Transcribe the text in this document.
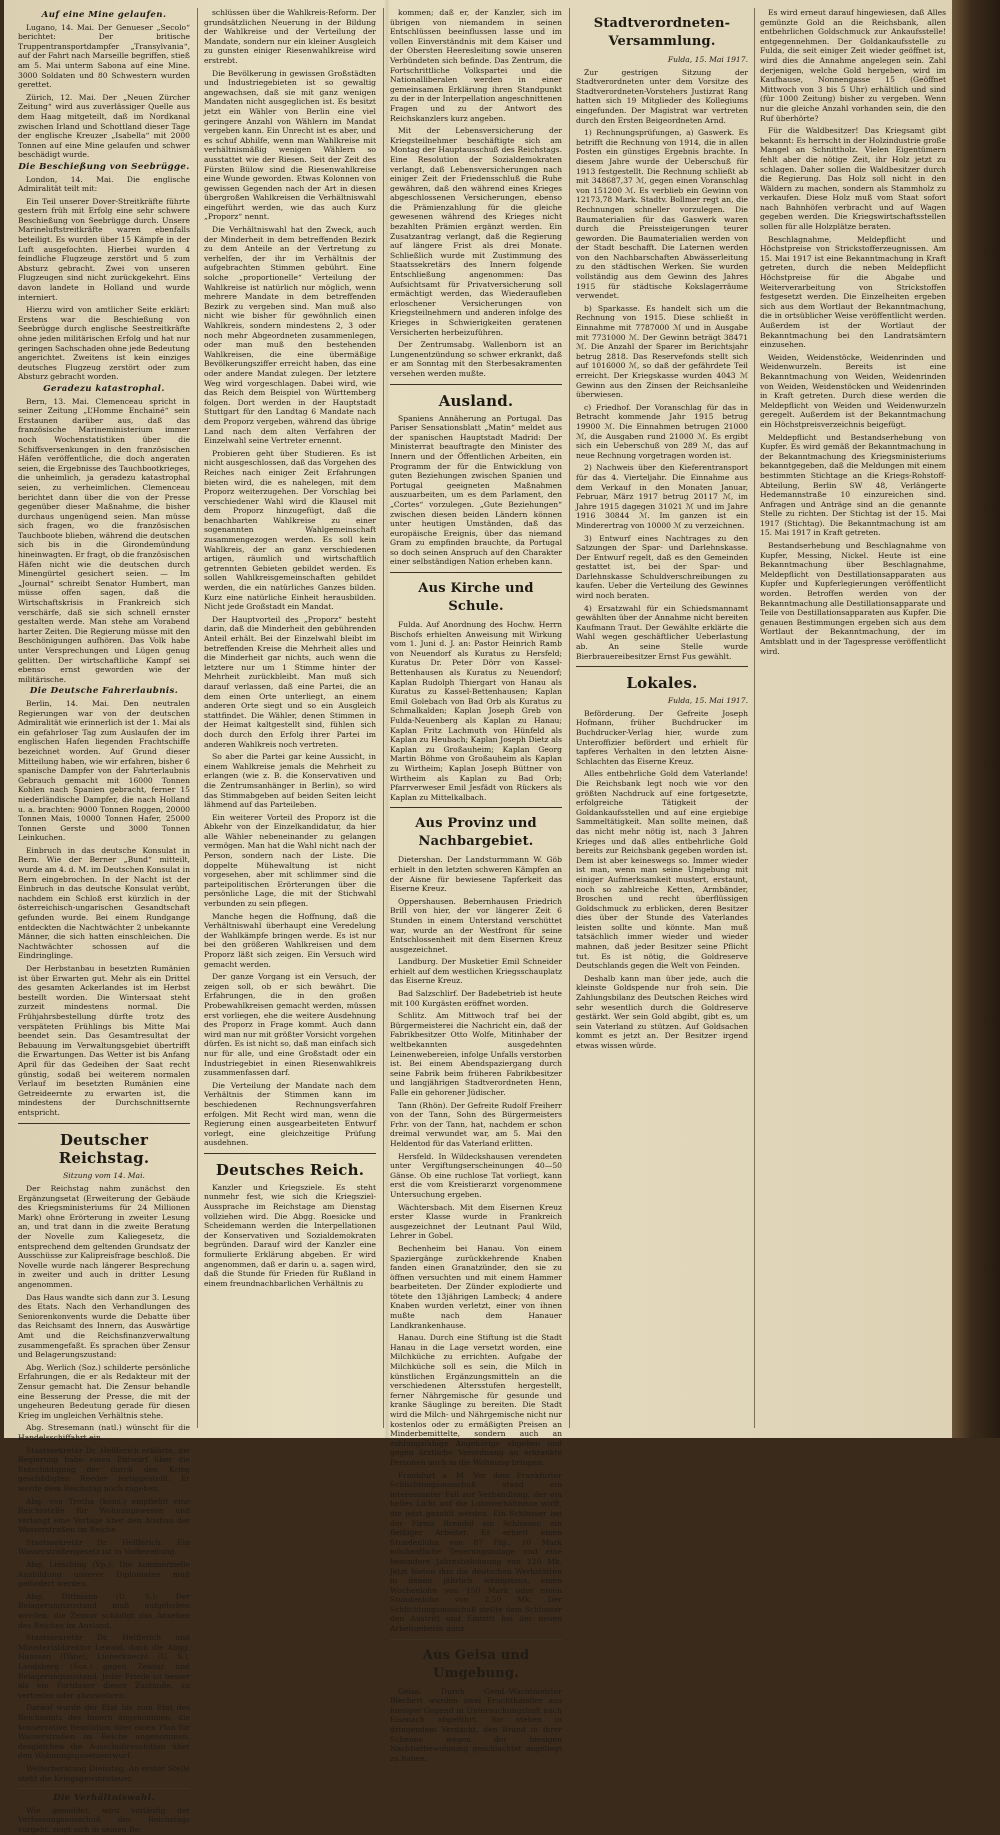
Auf eine Mine gelaufen.

Lugano, 14. Mai. Der Genueser „Secolo“ berichtet: Der britische Truppentransportdampfer „Transylvania“, auf der Fahrt nach Marseille begriffen, stieß am 5. Mai unterm Sabona auf eine Mine. 3000 Soldaten und 80 Schwestern wurden gerettet.

Zürich, 12. Mai. Der „Neuen Zürcher Zeitung“ wird aus zuverlässiger Quelle aus dem Haag mitgeteilt, daß im Nordkanal zwischen Irland und Schottland dieser Tage der englische Kreuzer „Isabella“ mit 2000 Tonnen auf eine Mine gelaufen und schwer beschädigt wurde.

Die Beschießung von Seebrügge.

London, 14. Mai. Die englische Admiralität teilt mit:

Ein Teil unserer Dover-Streitkräfte führte gestern früh mit Erfolg eine sehr schwere Beschießung von Seebrügge durch. Unsere Marineluftstreitkräfte waren ebenfalls beteiligt. Es wurden über 15 Kämpfe in der Luft ausgefochten. Hierbei wurden 4 feindliche Flugzeuge zerstört und 5 zum Absturz gebracht. Zwei von unseren Flugzeugen sind nicht zurückgekehrt. Eins davon landete in Holland und wurde interniert.

Hierzu wird von amtlicher Seite erklärt: Erstens war die Beschießung von Seebrügge durch englische Seestreitkräfte ohne jeden militärischen Erfolg und hat nur geringen Sachschaden ohne jede Bedeutung angerichtet. Zweitens ist kein einziges deutsches Flugzeug zerstört oder zum Absturz gebracht worden.

Geradezu katastrophal.

Bern, 13. Mai. Clemenceau spricht in seiner Zeitung „L’Homme Enchainé“ sein Erstaunen darüber aus, daß das französische Marineministerium immer noch Wochenstatistiken über die Schiffsversenkungen in den französischen Häfen veröffentliche, die doch angeraten seien, die Ergebnisse des Tauchbootkrieges, die unheimlich, ja geradezu katastrophal seien, zu verheimlichen. Clemenceau berichtet dann über die von der Presse gegenüber dieser Maßnahme, die bisher durchaus ungenügend seien. Man müsse sich fragen, wo die französischen Tauchboote blieben, während die deutschen sich bis in die Girondemündung hineinwagten. Er fragt, ob die französischen Häfen nicht wie die deutschen durch Minengürtel gesichert seien. — Im „Journal“ schreibt Senator Humbert, man müsse offen sagen, daß die Wirtschaftskrisis in Frankreich sich verschärfe, daß sie sich schnell ernster gestalten werde. Man stehe am Vorabend harter Zeiten. Die Regierung müsse mit den Beschönigungen aufhören. Das Volk habe unter Versprechungen und Lügen genug gelitten. Der wirtschaftliche Kampf sei ebenso ernst geworden wie der militärische.

Die Deutsche Fahrerlaubnis.

Berlin, 14. Mai. Den neutralen Regierungen war von der deutschen Admiralität wie erinnerlich ist der 1. Mai als ein gefahrloser Tag zum Auslaufen der im englischen Hafen liegenden Frachtschiffe bezeichnet worden. Auf Grund dieser Mitteilung haben, wie wir erfahren, bisher 6 spanische Dampfer von der Fahrterlaubnis Gebrauch gemacht mit 16000 Tonnen Kohlen nach Spanien gebracht, ferner 15 niederländische Dampfer, die nach Holland u. a. brachten: 9000 Tonnen Roggen, 20000 Tonnen Mais, 10000 Tonnen Hafer, 25000 Tonnen Gerste und 3000 Tonnen Leinkuchen.

Einbruch in das deutsche Konsulat in Bern. Wie der Berner „Bund“ mitteilt, wurde am 4. d. M. im Deutschen Konsulat in Bern eingebrochen. In der Nacht ist der Einbruch in das deutsche Konsulat verübt, nachdem ein Schloß erst kürzlich in der österreichisch-ungarischen Gesandtschaft gefunden wurde. Bei einem Rundgange entdeckten die Nachtwächter 2 unbekannte Männer, die sich hatten einschleichen. Die Nachtwächter schossen auf die Eindringlinge.

Der Herbstanbau in besetzten Rumänien ist über Erwarten gut. Mehr als ein Drittel des gesamten Ackerlandes ist im Herbst bestellt worden. Die Wintersaat steht zurzeit mindestens normal. Die Frühjahrsbestellung dürfte trotz des verspäteten Frühlings bis Mitte Mai beendet sein. Das Gesamtresultat der Bebauung im Verwaltungsgebiet übertrifft die Erwartungen. Das Wetter ist bis Anfang April für das Gedeihen der Saat recht günstig, sodaß bei weiterem normalen Verlauf im besetzten Rumänien eine Getreideernte zu erwarten ist, die mindestens der Durchschnittsernte entspricht.

Deutscher Reichstag.
Sitzung vom 14. Mai.

Der Reichstag nahm zunächst den Ergänzungsetat (Erweiterung der Gebäude des Kriegsministeriums für 24 Millionen Mark) ohne Erörterung in zweiter Lesung an, und trat dann in die zweite Beratung der Novelle zum Kaliegesetz, die entsprechend dem geltenden Grundsatz der Ausschüsse zur Kalipreisfrage beschloß. Die Novelle wurde nach längerer Besprechung in zweiter und auch in dritter Lesung angenommen.

Das Haus wandte sich dann zur 3. Lesung des Etats. Nach den Verhandlungen des Seniorenkonvents wurde die Debatte über das Reichsamt des Innern, das Auswärtige Amt und die Reichsfinanzverwaltung zusammengefaßt. Es sprachen über Zensur und Belagerungszustand:

Abg. Werlich (Soz.) schilderte persönliche Erfahrungen, die er als Redakteur mit der Zensur gemacht hat. Die Zensur behandle eine Besserung der Presse, die mit der ungeheuren Bedeutung gerade für diesen Krieg im ungleichen Verhältnis stehe.

Abg. Stresemann (natl.) wünscht für die Handelsschiffahrt ein.

Staatssekretär Dr. Helfferich erklärte, die Regierung habe einen Entwurf über die Entschädigung der durch den Krieg geschädigten Reeder fertiggestellt. Er werde dem Reichstag noch zugehen.

Abg. von Trotha (kons.) empfiehlt eine Reichsstelle für Wohnungswesen und verlangt eine Vorlage über den Ausbau der Wasserstraßen im Reiche.

Staatssekretär Dr. Helfferich: Ein Wasserstraßengesetz ist in Vorbereitung.

Abg. Liesching (Vp.): Die kommerzielle Ausbildung unserer Diplomaten muß gefördert werden.

Abg. Dittmann (U. S.): Der Belagerungszustand muß aufgehoben werden; die Zensur schädigt das Ansehen des Reiches im Ausland.

Staatssekretär Dr. Helfferich und Ministerialdirektor Lewald, dann die Abgg. Hanssen (Däne), Lieberknecht (U. S.), Landsberg (Soz.) gegen Zensur und Belagerungszustand. Jeder Friede ist besser als ein Fortdauer dieser Zustände, zu vertreten oder abzuwehren.

Darauf wurde der Etat bis zum Etat des Reichsamts des Innern angenommen, die konservative Resolution über einen Plan für Wasserstraßen im Reiche angenommen, desgleichen die Ausschußresolution über den Wohnungsgesetzentwurf.

Weiterberatung Dienstag. An erster Stelle steht die Kriegsgewinnsteuer.

Die Verhältniswahl.

Wie gemeldet, wird vorläufig der Verfassungsausschuß des Reichstags vorgeht, zeigt sich in seinen Be-

schlüssen über die Wahlkreis-Reform. Der grundsätzlichen Neuerung in der Bildung der Wahlkreise und der Verteilung der Mandate, sondern nur ein kleiner Ausgleich zu gunsten einiger Riesenwahlkreise wird erstrebt.

Die Bevölkerung in gewissen Großstädten und Industriegebieten ist so gewaltig angewachsen, daß sie mit ganz wenigen Mandaten nicht ausgeglichen ist. Es besitzt jetzt ein Wähler von Berlin eine viel geringere Anzahl von Wählern im Mandat vergeben kann. Ein Unrecht ist es aber, und es schuf Abhilfe, wenn man Wahlkreise mit verhältnismäßig wenigen Wählern so ausstattet wie der Riesen. Seit der Zeit des Fürsten Bülow sind die Riesenwahlkreise eine Wunde geworden. Etwas Kolonnen von gewissen Gegenden nach der Art in diesen übergroßen Wahlkreisen die Verhältniswahl eingeführt werden, wie das auch Kurz „Proporz“ nennt.

Die Verhältniswahl hat den Zweck, auch der Minderheit in dem betreffenden Bezirk zu dem Anteile an der Vertretung zu verhelfen, der ihr im Verhältnis der aufgebrachten Stimmen gebührt. Eine solche „proportionelle“ Verteilung der Wahlkreise ist natürlich nur möglich, wenn mehrere Mandate in dem betreffenden Bezirk zu vergeben sind. Man muß also nicht wie bisher für gewöhnlich einen Wahlkreis, sondern mindestens 2, 3 oder noch mehr Abgeordneten zusammenlegen, oder man muß den bestehenden Wahlkreisen, die eine übermäßige Bevölkerungsziffer erreicht haben, das eine oder andere Mandat zulegen. Der letztere Weg wird vorgeschlagen. Dabei wird, wie das Reich dem Beispiel von Württemberg folgen. Dort werden in der Hauptstadt Stuttgart für den Landtag 6 Mandate nach dem Proporz vergeben, während das übrige Land nach dem alten Verfahren der Einzelwahl seine Vertreter ernennt.

Probieren geht über Studieren. Es ist nicht ausgeschlossen, daß das Vorgehen des Reiches nach einiger Zeit Erfahrungen bieten wird, die es nahelegen, mit dem Proporz weiterzugehen. Der Vorschlag bei verschiedener Wahl wird die Klausel mit dem Proporz hinzugefügt, daß die benachbarten Wahlkreise zu einer sogenannten Wahlgemeinschaft zusammengezogen werden. Es soll kein Wahlkreis, der an ganz verschiedenen artigen, räumlich und wirtschaftlich getrennten Gebieten gebildet werden. Es sollen Wahlkreisgemeinschaften gebildet werden, die ein natürliches Ganzes bilden. Kurz eine natürliche Einheit herausbilden. Nicht jede Großstadt ein Mandat.

Der Hauptvorteil des „Proporz“ besteht darin, daß die Minderheit den gebührenden Anteil erhält. Bei der Einzelwahl bleibt im betreffenden Kreise die Mehrheit alles und die Minderheit gar nichts, auch wenn die letztere nur um 1 Stimme hinter der Mehrheit zurückbleibt. Man muß sich darauf verlassen, daß eine Partei, die an dem einen Orte unterliegt, an einem anderen Orte siegt und so ein Ausgleich stattfindet. Die Wähler, denen Stimmen in der Heimat kaltgestellt sind, fühlen sich doch durch den Erfolg ihrer Partei im anderen Wahlkreis noch vertreten.

So aber die Partei gar keine Aussicht, in einem Wahlkreise jemals die Mehrheit zu erlangen (wie z. B. die Konservativen und die Zentrumsanhänger in Berlin), so wird das Stimmabgeben auf beiden Seiten leicht lähmend auf das Parteileben.

Ein weiterer Vorteil des Proporz ist die Abkehr von der Einzelkandidatur, da hier alle Wähler nebeneinander zu gelangen vermögen. Man hat die Wahl nicht nach der Person, sondern nach der Liste. Die doppelte Mühewaltung ist nicht vorgesehen, aber mit schlimmer sind die parteipolitischen Erörterungen über die persönliche Lage, die mit der Stichwahl verbunden zu sein pflegen.

Manche hegen die Hoffnung, daß die Verhältniswahl überhaupt eine Veredelung der Wahlkämpfe bringen werde. Es ist nur bei den größeren Wahlkreisen und dem Proporz läßt sich zeigen. Ein Versuch wird gemacht werden.

Der ganze Vorgang ist ein Versuch, der zeigen soll, ob er sich bewährt. Die Erfahrungen, die in den großen Probewahlkreisen gemacht werden, müssen erst vorliegen, ehe die weitere Ausdehnung des Proporz in Frage kommt. Auch dann wird man nur mit größter Vorsicht vorgehen dürfen. Es ist nicht so, daß man einfach sich nur für alle, und eine Großstadt oder ein Industriegebiet in einen Riesenwahlkreis zusammenfassen darf.

Die Verteilung der Mandate nach dem Verhältnis der Stimmen kann im beschiedenen Rechnungsverfahren erfolgen. Mit Recht wird man, wenn die Regierung einen ausgearbeiteten Entwurf vorlegt, eine gleichzeitige Prüfung ausdehnen.

Deutsches Reich.

Kanzler und Kriegsziele. Es steht nunmehr fest, wie sich die Kriegsziel-Aussprache im Reichstage am Dienstag vollziehen wird. Die Abgg. Roesicke und Scheidemann werden die Interpellationen der Konservativen und Sozialdemokraten begründen. Darauf wird der Kanzler eine formulierte Erklärung abgeben. Er wird angenommen, daß er darin u. a. sagen wird, daß die Stunde für Frieden für Rußland in einem freundnachbarlichen Verhältnis zu

kommen; daß er, der Kanzler, sich im übrigen von niemandem in seinen Entschlüssen beeinflussen lasse und im vollen Einverständnis mit dem Kaiser und der Obersten Heeresleitung sowie unseren Verbündeten sich befinde. Das Zentrum, die Fortschrittliche Volkspartei und die Nationalliberalen werden in einer gemeinsamen Erklärung ihren Standpunkt zu der in der Interpellation angeschnittenen Fragen und zu der Antwort des Reichskanzlers kurz angeben.

Mit der Lebensversicherung der Kriegsteilnehmer beschäftigte sich am Montag der Hauptausschuß des Reichstags. Eine Resolution der Sozialdemokraten verlangt, daß Lebensversicherungen nach einiger Zeit der Friedensschluß die Ruhe gewähren, daß den während eines Krieges abgeschlossenen Versicherungen, ebenso die Prämienzahlung für die gleiche gewesenen während des Krieges nicht bezahlten Prämien ergänzt werden. Ein Zusatzantrag verlangt, daß die Regierung auf längere Frist als drei Monate. Schließlich wurde mit Zustimmung des Staatssekretärs des Innern folgende Entschließung angenommen: Das Aufsichtsamt für Privatversicherung soll ermächtigt werden, das Wiederaufleben erloschener Versicherungen von Kriegsteilnehmern und anderen infolge des Krieges in Schwierigkeiten geratenen Versicherten herbeizuführen.

Der Zentrumsabg. Wallenborn ist an Lungenentzündung so schwer erkrankt, daß er am Sonntag mit den Sterbesakramenten versehen werden mußte.

Ausland.

Spaniens Annäherung an Portugal. Das Pariser Sensationsblatt „Matin“ meldet aus der spanischen Hauptstadt Madrid: Der Ministerrat beauftragte den Minister des Innern und der Öffentlichen Arbeiten, ein Programm der für die Entwicklung von guten Beziehungen zwischen Spanien und Portugal geeigneten Maßnahmen auszuarbeiten, um es dem Parlament, den „Cortes“ vorzulegen. „Gute Beziehungen“ zwischen diesen beiden Ländern können unter heutigen Umständen, daß das europäische Ereignis, über das niemand Gram zu empfinden brauchte, da Portugal so doch seinen Anspruch auf den Charakter einer selbständigen Nation erheben kann.

Aus Kirche und Schule.

Fulda. Auf Anordnung des Hochw. Herrn Bischofs erhielten Anweisung mit Wirkung vom 1. Juni d. J. an: Pastor Heinrich Ramb von Neuendorf als Kuratus zu Hersfeld; Kuratus Dr. Peter Dörr von Kassel-Bettenhausen als Kuratus zu Neuendorf; Kaplan Rudolph Thiergart von Hanau als Kuratus zu Kassel-Bettenhausen; Kaplan Emil Golebach von Bad Orb als Kuratus zu Schmalkalden; Kaplan Joseph Greb von Fulda-Neuenberg als Kaplan zu Hanau; Kaplan Fritz Lachmuth von Hünfeld als Kaplan zu Heubach; Kaplan Joseph Dietz als Kaplan zu Großauheim; Kaplan Georg Martin Böhme von Großauheim als Kaplan zu Wirtheim; Kaplan Joseph Büttner von Wirtheim als Kaplan zu Bad Orb; Pfarrverweser Emil Jesfädt von Rückers als Kaplan zu Mittelkalbach.

Aus Provinz und Nachbargebiet.

Dietershan. Der Landsturmmann W. Göb erhielt in den letzten schweren Kämpfen an der Aisne für bewiesene Tapferkeit das Eiserne Kreuz.

Oppershausen. Bebernhausen Friedrich Brill von hier, der vor längerer Zeit 6 Stunden in einem Unterstand verschüttet war, wurde an der Westfront für seine Entschlossenheit mit dem Eisernen Kreuz ausgezeichnet.

Landburg. Der Musketier Emil Schneider erhielt auf dem westlichen Kriegsschauplatz das Eiserne Kreuz.

Bad Salzschlirf. Der Badebetrieb ist heute mit 100 Kurgästen eröffnet worden.

Schlitz. Am Mittwoch traf bei der Bürgermeisterei die Nachricht ein, daß der Fabrikbesitzer Otto Wolfe, Mitinhaber der weltbekannten ausgedehnten Leinenwebereien, infolge Unfalls verstorben ist. Bei einem Abendspaziergang durch seine Fabrik beim früheren Fabrikbesitzer und langjährigen Stadtverordneten Henn, Falle ein gehorener Jüdischer.

Tann (Rhön). Der Gefreite Rudolf Freiherr von der Tann, Sohn des Bürgermeisters Frhr. von der Tann, hat, nachdem er schon dreimal verwundet war, am 5. Mai den Heldentod für das Vaterland erlitten.

Hersfeld. In Wildeckshausen verendeten unter Vergiftungserscheinungen 40—50 Gänse. Ob eine ruchlose Tat vorliegt, kann erst die vom Kreistierarzt vorgenommene Untersuchung ergeben.

Wächtersbach. Mit dem Eisernen Kreuz erster Klasse wurde in Frankreich ausgezeichnet der Leutnant Paul Wild, Lehrer in Gobel.

Bechenheim bei Hanau. Von einem Spaziergänge zurückkehrende Knaben fanden einen Granatzünder, den sie zu öffnen versuchten und mit einem Hammer bearbeiteten. Der Zünder explodierte und tötete den 13jährigen Lambeck; 4 andere Knaben wurden verletzt, einer von ihnen mußte nach dem Hanauer Landkrankenhause.

Hanau. Durch eine Stiftung ist die Stadt Hanau in die Lage versetzt worden, eine Milchküche zu errichten. Aufgabe der Milchküche soll es sein, die Milch in künstlichen Ergänzungsmitteln an die verschiedenen Altersstufen hergestellt, ferner Nährgemische für gesunde und kranke Säuglinge zu bereiten. Die Stadt wird die Milch- und Nährgemische nicht nur kostenlos oder zu ermäßigten Preisen an Minderbemittelte, sondern auch an zahlungsfähige Angehörige abgeben und gegen ärztliche Verordnung an erkrankte Personen auch in die Wohnung bringen.

Frankfurt a. M. Vor dem Frankfurter Schlichtungsausschuß stand ein interessanter Fall zur Verhandlung, der ein helles Licht auf die Lohnverhältnisse wirft, die jetzt gezahlt werden. Ein Schlosser bei der Firma Brendel ein Schlosser, ein fleißiger Arbeiter. Er erhielt einen Stundenlohn von 87 Pfg., 10 Mark wöchentliche Teuerungszulage und eine besondere Jahresbelohnung von 120 Mk. Jetzt bieten ihm die deutschen Werkstätten in denen jährlich wenigstens, einen Wochenlohn von 150 Mark oder einen Stundenlohn von 2,50 Mk. Der Schlichtungsausschuß stellte dem Schlosser den Austritt und Eintritt bei der neuen Arbeitgeberin ganz.

Aus Geisa und Umgebung.

Geisa. Durch Gend.-Wachtmeister Blechert wurden zwei Fruchthändler aus hiesiger Gegend in Untersuchungshaft nach Eisenach abgeführt. Sie stehen in dringendem Verdacht, den Brand in ihrer Scheune wegen der hiesigen Nachbarbewohnung geschlachtet angeliegt zu haben.

Stadtverordneten-Versammlung.
Fulda, 15. Mai 1917.

Zur gestrigen Sitzung der Stadtverordneten unter dem Vorsitze des Stadtverordneten-Vorstehers Justizrat Rang hatten sich 19 Mitglieder des Kollegiums eingefunden. Der Magistrat war vertreten durch den Ersten Beigeordneten Arnd.

1) Rechnungsprüfungen, a) Gaswerk. Es betrifft die Rechnung von 1914, die in allen Posten ein günstiges Ergebnis brachte. In diesem Jahre wurde der Ueberschuß für 1913 festgestellt. Die Rechnung schließt ab mit 348687,37 ℳ, gegen einen Voranschlag von 151200 ℳ. Es verblieb ein Gewinn von 12173,78 Mark. Stadtv. Bollmer regt an, die Rechnungen schneller vorzulegen. Die Baumaterialien für das Gaswerk waren durch die Preissteigerungen teurer geworden. Die Baumaterialien werden von der Stadt beschafft. Die Laternen werden von den Nachbarschaften Abwässerleitung zu den städtischen Werken. Sie wurden vollständig aus dem Gewinn des Jahres 1915 für städtische Kokslagerräume verwendet.

b) Sparkasse. Es handelt sich um die Rechnung von 1915. Diese schließt in Einnahme mit 7787000 ℳ und in Ausgabe mit 7731000 ℳ. Der Gewinn beträgt 38471 ℳ. Die Anzahl der Sparer im Berichtsjahr betrug 2818. Das Reservefonds stellt sich auf 1016000 ℳ, so daß der gefährdete Teil erreicht. Der Kriegskasse wurden 4043 ℳ Gewinn aus den Zinsen der Reichsanleihe überwiesen.

c) Friedhof. Der Voranschlag für das in Betracht kommende Jahr 1915 betrug 19900 ℳ. Die Einnahmen betrugen 21000 ℳ, die Ausgaben rund 21000 ℳ. Es ergibt sich ein Ueberschuß von 289 ℳ, das auf neue Rechnung vorgetragen worden ist.

2) Nachweis über den Kieferentransport für das 4. Vierteljahr. Die Einnahme aus dem Verkauf in den Monaten Januar, Februar, März 1917 betrug 20117 ℳ, im Jahre 1915 dagegen 31021 ℳ und im Jahre 1916 30844 ℳ. Im ganzen ist ein Minderertrag von 10000 ℳ zu verzeichnen.

3) Entwurf eines Nachtrages zu den Satzungen der Spar- und Darlehnskasse. Der Entwurf regelt, daß es den Gemeinden gestattet ist, bei der Spar- und Darlehnskasse Schuldverschreibungen zu kaufen. Ueber die Verteilung des Gewinnes wird noch beraten.

4) Ersatzwahl für ein Schiedsmannamt gewählten über der Annahme nicht bereiten Kaufmann Traut. Der Gewählte erklärte die Wahl wegen geschäftlicher Ueberlastung ab. An seine Stelle wurde Bierbrauereibesitzer Ernst Fus gewählt.

Lokales.
Fulda, 15. Mai 1917.

Beförderung. Der Gefreite Joseph Hofmann, früher Buchdrucker im Buchdrucker-Verlag hier, wurde zum Unteroffizier befördert und erhielt für tapferes Verhalten in den letzten Aisne-Schlachten das Eiserne Kreuz.

Alles entbehrliche Gold dem Vaterlande! Die Reichsbank legt noch wie vor den größten Nachdruck auf eine fortgesetzte, erfolgreiche Tätigkeit der Goldankaufsstellen und auf eine ergiebige Sammeltätigkeit. Man sollte meinen, daß das nicht mehr nötig ist, nach 3 Jahren Krieges und daß alles entbehrliche Gold bereits zur Reichsbank gegeben worden ist. Dem ist aber keineswegs so. Immer wieder ist man, wenn man seine Umgebung mit einiger Aufmerksamkeit mustert, erstaunt, noch so zahlreiche Ketten, Armbänder, Broschen und recht überflüssigen Goldschmuck zu erblicken, deren Besitzer dies über der Stunde des Vaterlandes leisten sollte und könnte. Man muß tatsächlich immer wieder und wieder mahnen, daß jeder Besitzer seine Pflicht tut. Es ist nötig, die Goldreserve Deutschlands gegen die Welt von Feinden.

Deshalb kann man über jede, auch die kleinste Goldspende nur froh sein. Die Zahlungsbilanz des Deutschen Reiches wird sehr wesentlich durch die Goldreserve gestärkt. Wer sein Gold abgibt, gibt es, um sein Vaterland zu stützen. Auf Goldsachen kommt es jetzt an. Der Besitzer irgend etwas wissen würde.

Es wird erneut darauf hingewiesen, daß Alles gemünzte Gold an die Reichsbank, allen entbehrlichen Goldschmuck zur Ankaufsstelle! entgegennehmen. Der Goldankaufsstelle zu Fulda, die seit einiger Zeit wieder geöffnet ist, wird dies die Annahme angelegen sein. Zahl derjenigen, welche Gold hergeben, wird im Kaufhause, Nonnengasse 15 (Geöffnet Mittwoch von 3 bis 5 Uhr) erhältlich und sind (für 1000 Zeitung) bisher zu vergeben. Wenn nur die gleiche Anzahl vorhanden sein, die den Ruf überhörte?

Für die Waldbesitzer! Das Kriegsamt gibt bekannt: Es herrscht in der Holzindustrie große Mangel an Schnittholz. Vielen Eigentümern fehlt aber die nötige Zeit, ihr Holz jetzt zu schlagen. Daher sollen die Waldbesitzer durch die Regierung. Das Holz soll nicht in den Wäldern zu machen, sondern als Stammholz zu verkaufen. Diese Holz muß vom Staat sofort nach Bahnhöfen verbracht und auf Wagen gegeben werden. Die Kriegswirtschaftsstellen sollen für alle Holzplätze beraten.

Beschlagnahme, Meldepflicht und Höchstpreise von Strickstofferzeugnissen. Am 15. Mai 1917 ist eine Bekanntmachung in Kraft getreten, durch die neben Meldepflicht Höchstpreise für die Abgabe und Weiterverarbeitung von Strickstoffen festgesetzt werden. Die Einzelheiten ergeben sich aus dem Wortlaut der Bekanntmachung, die in ortsüblicher Weise veröffentlicht werden. Außerdem ist der Wortlaut der Bekanntmachung bei den Landratsämtern einzusehen.

Weiden, Weidenstöcke, Weidenrinden und Weidenwurzeln. Bereits ist eine Bekanntmachung von Weiden, Weidenrinden von Weiden, Weidenstöcken und Weidenrinden in Kraft getreten. Durch diese werden die Meldepflicht von Weiden und Weidenwurzeln geregelt. Außerdem ist der Bekanntmachung ein Höchstpreisverzeichnis beigefügt.

Meldepflicht und Bestandserhebung von Kupfer. Es wird gemäß der Bekanntmachung in der Bekanntmachung des Kriegsministeriums bekanntgegeben, daß die Meldungen mit einem bestimmten Stichtage an die Kriegs-Rohstoff-Abteilung, Berlin SW 48, Verlängerte Hedemannstraße 10 einzureichen sind. Anfragen und Anträge sind an die genannte Stelle zu richten. Der Stichtag ist der 15. Mai 1917 (Stichtag). Die Bekanntmachung ist am 15. Mai 1917 in Kraft getreten.

Bestandserhebung und Beschlagnahme von Kupfer, Messing, Nickel. Heute ist eine Bekanntmachung über Beschlagnahme, Meldepflicht von Destillationsapparaten aus Kupfer und Kupferlegierungen veröffentlicht worden. Betroffen werden von der Bekanntmachung alle Destillationsapparate und Teile von Destillationsapparaten aus Kupfer. Die genauen Bestimmungen ergeben sich aus dem Wortlaut der Bekanntmachung, der im Amtsblatt und in der Tagespresse veröffentlicht wird.
